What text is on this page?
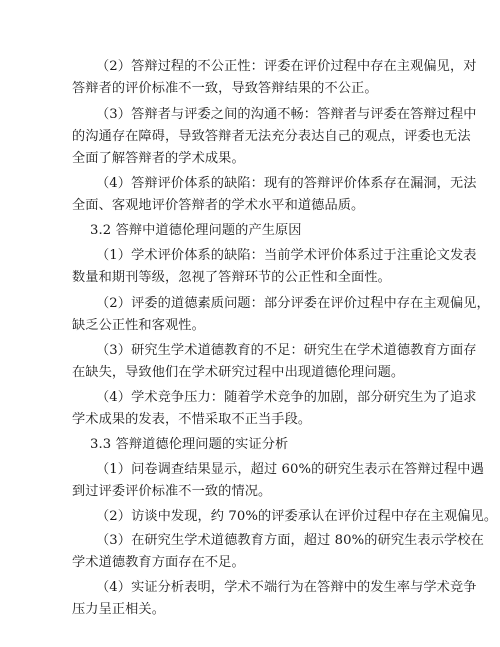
（2）答辩过程的不公正性：评委在评价过程中存在主观偏见，对
答辩者的评价标准不一致，导致答辩结果的不公正。
（3）答辩者与评委之间的沟通不畅：答辩者与评委在答辩过程中
的沟通存在障碍，导致答辩者无法充分表达自己的观点，评委也无法
全面了解答辩者的学术成果。
（4）答辩评价体系的缺陷：现有的答辩评价体系存在漏洞，无法
全面、客观地评价答辩者的学术水平和道德品质。
3.2 答辩中道德伦理问题的产生原因
（1）学术评价体系的缺陷：当前学术评价体系过于注重论文发表
数量和期刊等级，忽视了答辩环节的公正性和全面性。
（2）评委的道德素质问题：部分评委在评价过程中存在主观偏见，
缺乏公正性和客观性。
（3）研究生学术道德教育的不足：研究生在学术道德教育方面存
在缺失，导致他们在学术研究过程中出现道德伦理问题。
（4）学术竞争压力：随着学术竞争的加剧，部分研究生为了追求
学术成果的发表，不惜采取不正当手段。
3.3 答辩道德伦理问题的实证分析
（1）问卷调查结果显示，超过 60%的研究生表示在答辩过程中遇
到过评委评价标准不一致的情况。
（2）访谈中发现，约 70%的评委承认在评价过程中存在主观偏见。
（3）在研究生学术道德教育方面，超过 80%的研究生表示学校在
学术道德教育方面存在不足。
（4）实证分析表明，学术不端行为在答辩中的发生率与学术竞争
压力呈正相关。
